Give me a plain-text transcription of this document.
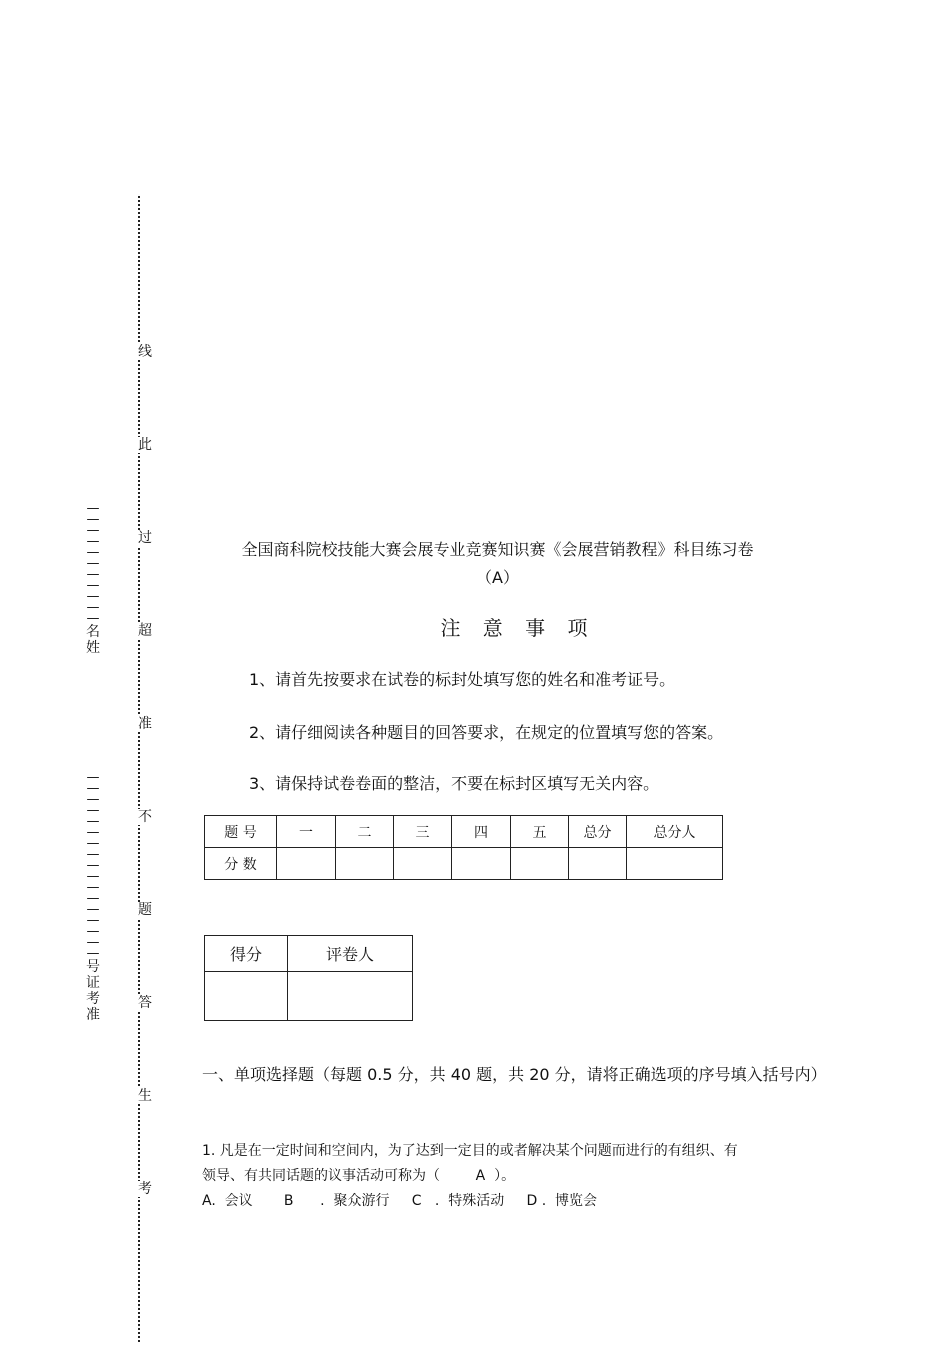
线
此
过
超
准
不
题
答
生
考
—
—
—
—
—
—
—
—
—
—
—
名姓
—
—
—
—
—
—
—
—
—
—
—
—
—
—
—
—
—
号证考准
全国商科院校技能大赛会展专业竞赛知识赛《会展营销教程》科目练习卷
（A）
注 意 事 项
1、请首先按要求在试卷的标封处填写您的姓名和准考证号。
2、请仔细阅读各种题目的回答要求，在规定的位置填写您的答案。
3、请保持试卷卷面的整洁，不要在标封区填写无关内容。
题 号	一	二	三	四	五	总分	总分人
分 数							
得分	评卷人

一、单项选择题（每题 0.5 分，共 40 题，共 20 分，请将正确选项的序号填入括号内）
1. 凡是在一定时间和空间内，为了达到一定目的或者解决某个问题而进行的有组织、有
领导、有共同话题的议事活动可称为（        A  ）。
A.  会议       B      .  聚众游行     C   .  特殊活动     D .  博览会
